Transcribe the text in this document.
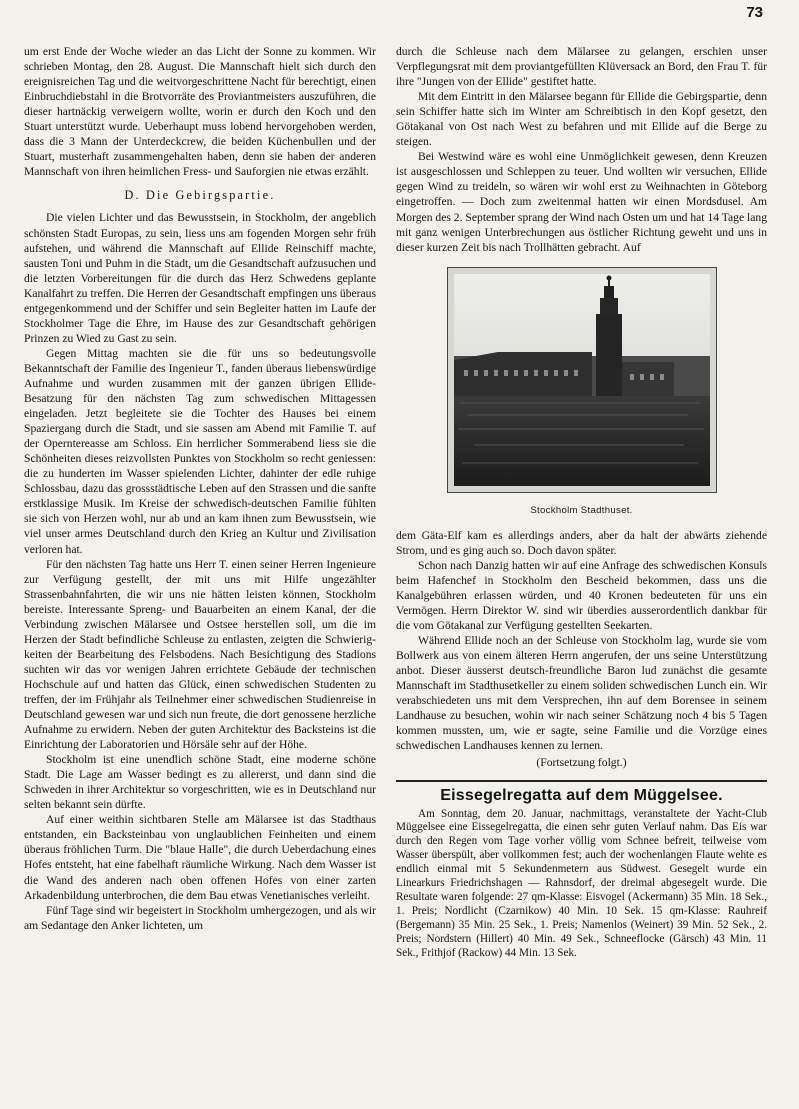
73

um erst Ende der Woche wieder an das Licht der Sonne zu kommen. Wir schrieben Montag, den 28. August. Die Mannschaft hielt sich durch den ereignisreichen Tag und die weitvorgeschrittene Nacht für berechtigt, einen Einbruchdiebstahl in die Brotvorräte des Proviantmeisters auszuführen, die dieser hartnäckig verweigern wollte, worin er durch den Koch und den Stuart unterstützt wurde. Ueberhaupt muss lobend hervorgehoben werden, dass die 3 Mann der Unterdeckcrew, die beiden Küchenbullen und der Stuart, musterhaft zusammengehalten haben, denn sie haben der anderen Mannschaft von ihren heimlichen Fress- und Sauforgien nie etwas erzählt.

D. Die Gebirgspartie.

Die vielen Lichter und das Bewusstsein, in Stockholm, der angeblich schönsten Stadt Europas, zu sein, liess uns am fogenden Morgen sehr früh aufstehen, und während die Mannschaft auf Ellide Reinschiff machte, sausten Toni und Puhm in die Stadt, um die Gesandtschaft aufzusuchen und die letzten Vorbereitungen für die durch das Herz Schwedens geplante Kanalfahrt zu treffen. Die Herren der Gesandtschaft empfingen uns überaus entgegenkommend und der Schiffer und sein Begleiter hatten im Laufe der Stockholmer Tage die Ehre, im Hause des zur Gesandtschaft gehörigen Prinzen zu Wied zu Gast zu sein.

Gegen Mittag machten sie die für uns so bedeutungsvolle Bekanntschaft der Familie des Ingenieur T., fanden überaus liebenswürdige Aufnahme und wurden zusammen mit der ganzen übrigen Ellide-Besatzung für den nächsten Tag zum schwedischen Mittagessen eingeladen. Jetzt begleitete sie die Tochter des Hauses bei einem Spaziergang durch die Stadt, und sie sassen am Abend mit Familie T. auf der Operntereasse am Schloss. Ein herrlicher Sommerabend liess sie die Schönheiten dieses reizvollsten Punktes von Stockholm so recht geniessen: die zu hunderten im Wasser spielenden Lichter, dahinter der edle ruhige Schlossbau, dazu das grossstädtische Leben auf den Strassen und die sanfte erstklassige Musik. Im Kreise der schwedisch-deutschen Familie fühlten sie sich von Herzen wohl, nur ab und an kam ihnen zum Bewusstsein, wie viel unser armes Deutschland durch den Krieg an Kultur und Zivilisation verloren hat.

Für den nächsten Tag hatte uns Herr T. einen seiner Herren Ingenieure zur Verfügung gestellt, der mit uns mit Hilfe ungezählter Strassenbahnfahrten, die wir uns nie hätten leisten können, Stockholm bereiste. Interessante Spreng- und Bauarbeiten an einem Kanal, der die Verbindung zwischen Mälarsee und Ostsee herstellen soll, um die im Herzen der Stadt befindliche Schleuse zu entlasten, zeigten die Schwierigkeiten der Bearbeitung des Felsbodens. Nach Besichtigung des Stadions suchten wir das vor wenigen Jahren errichtete Gebäude der technischen Hochschule auf und hatten das Glück, einen schwedischen Studenten zu treffen, der im Frühjahr als Teilnehmer einer schwedischen Studienreise in Deutschland gewesen war und sich nun freute, die dort genossene herzliche Aufnahme zu erwidern. Neben der guten Architektur des Backsteins ist die Einrichtung der Laboratorien und Hörsäle sehr auf der Höhe.

Stockholm ist eine unendlich schöne Stadt, eine moderne schöne Stadt. Die Lage am Wasser bedingt es zu allererst, und dann sind die Schweden in ihrer Architektur so vorgeschritten, wie es in Deutschland nur selten bekannt sein dürfte.

Auf einer weithin sichtbaren Stelle am Mälarsee ist das Stadthaus entstanden, ein Backsteinbau von unglaublichen Feinheiten und einem überaus fröhlichen Turm. Die "blaue Halle", die durch Ueberdachung eines Hofes entsteht, hat eine fabelhaft räumliche Wirkung. Nach dem Wasser ist die Wand des anderen nach oben offenen Hofes von einer zarten Arkadenbildung unterbrochen, die dem Bau etwas Venetianisches verleiht.

Fünf Tage sind wir begeistert in Stockholm umhergezogen, und als wir am Sedantage den Anker lichteten, um

durch die Schleuse nach dem Mälarsee zu gelangen, erschien unser Verpflegungsrat mit dem proviantgefüllten Klüversack an Bord, den Frau T. für ihre "Jungen von der Ellide" gestiftet hatte.

Mit dem Eintritt in den Mälarsee begann für Ellide die Gebirgspartie, denn sein Schiffer hatte sich im Winter am Schreibtisch in den Kopf gesetzt, den Götakanal von Ost nach West zu befahren und mit Ellide auf die Berge zu steigen.

Bei Westwind wäre es wohl eine Unmöglichkeit gewesen, denn Kreuzen ist ausgeschlossen und Schleppen zu teuer. Und wollten wir versuchen, Ellide gegen Wind zu treideln, so wären wir wohl erst zu Weihnachten in Göteborg eingetroffen. — Doch zum zweitenmal hatten wir einen Mordsdusel. Am Morgen des 2. September sprang der Wind nach Osten um und hat 14 Tage lang mit ganz wenigen Unterbrechungen aus östlicher Richtung geweht und uns in dieser kurzen Zeit bis nach Trollhätten gebracht. Auf

Stockholm Stadthuset.

dem Gäta-Elf kam es allerdings anders, aber da halt der abwärts ziehende Strom, und es ging auch so. Doch davon später.

Schon nach Danzig hatten wir auf eine Anfrage des schwedischen Konsuls beim Hafenchef in Stockholm den Bescheid bekommen, dass uns die Kanalgebühren erlassen würden, und 40 Kronen bedeuteten für uns ein Vermögen. Herrn Direktor W. sind wir überdies ausserordentlich dankbar für die vom Götakanal zur Verfügung gestellten Seekarten.

Während Ellide noch an der Schleuse von Stockholm lag, wurde sie vom Bollwerk aus von einem älteren Herrn angerufen, der uns seine Unterstützung anbot. Dieser äusserst deutsch-freundliche Baron lud zunächst die gesamte Mannschaft im Stadthusetkeller zu einem soliden schwedischen Lunch ein. Wir verabschiedeten uns mit dem Versprechen, ihn auf dem Borensee in seinem Landhause zu besuchen, wohin wir nach seiner Schätzung noch 4 bis 5 Tagen kommen mussten, um, wie er sagte, seine Familie und die Vorzüge eines schwedischen Landhauses kennen zu lernen.

(Fortsetzung folgt.)

Eissegelregatta auf dem Müggelsee.

Am Sonntag, dem 20. Januar, nachmittags, veranstaltete der Yacht-Club Müggelsee eine Eissegelregatta, die einen sehr guten Verlauf nahm. Das Eis war durch den Regen vom Tage vorher völlig vom Schnee befreit, teilweise vom Wasser überspült, aber vollkommen fest; auch der wochenlangen Flaute wehte es endlich einmal mit 5 Sekundenmetern aus Südwest. Gesegelt wurde ein Linearkurs Friedrichshagen — Rahnsdorf, der dreimal abgesegelt wurde. Die Resultate waren folgende: 27 qm-Klasse: Eisvogel (Ackermann) 35 Min. 18 Sek., 1. Preis; Nordlicht (Czarnikow) 40 Min. 10 Sek. 15 qm-Klasse: Rauhreif (Bergemann) 35 Min. 25 Sek., 1. Preis; Namenlos (Weinert) 39 Min. 52 Sek., 2. Preis; Nordstern (Hillert) 40 Min. 49 Sek., Schneeflocke (Gärsch) 43 Min. 11 Sek., Frithjof (Rackow) 44 Min. 13 Sek.
